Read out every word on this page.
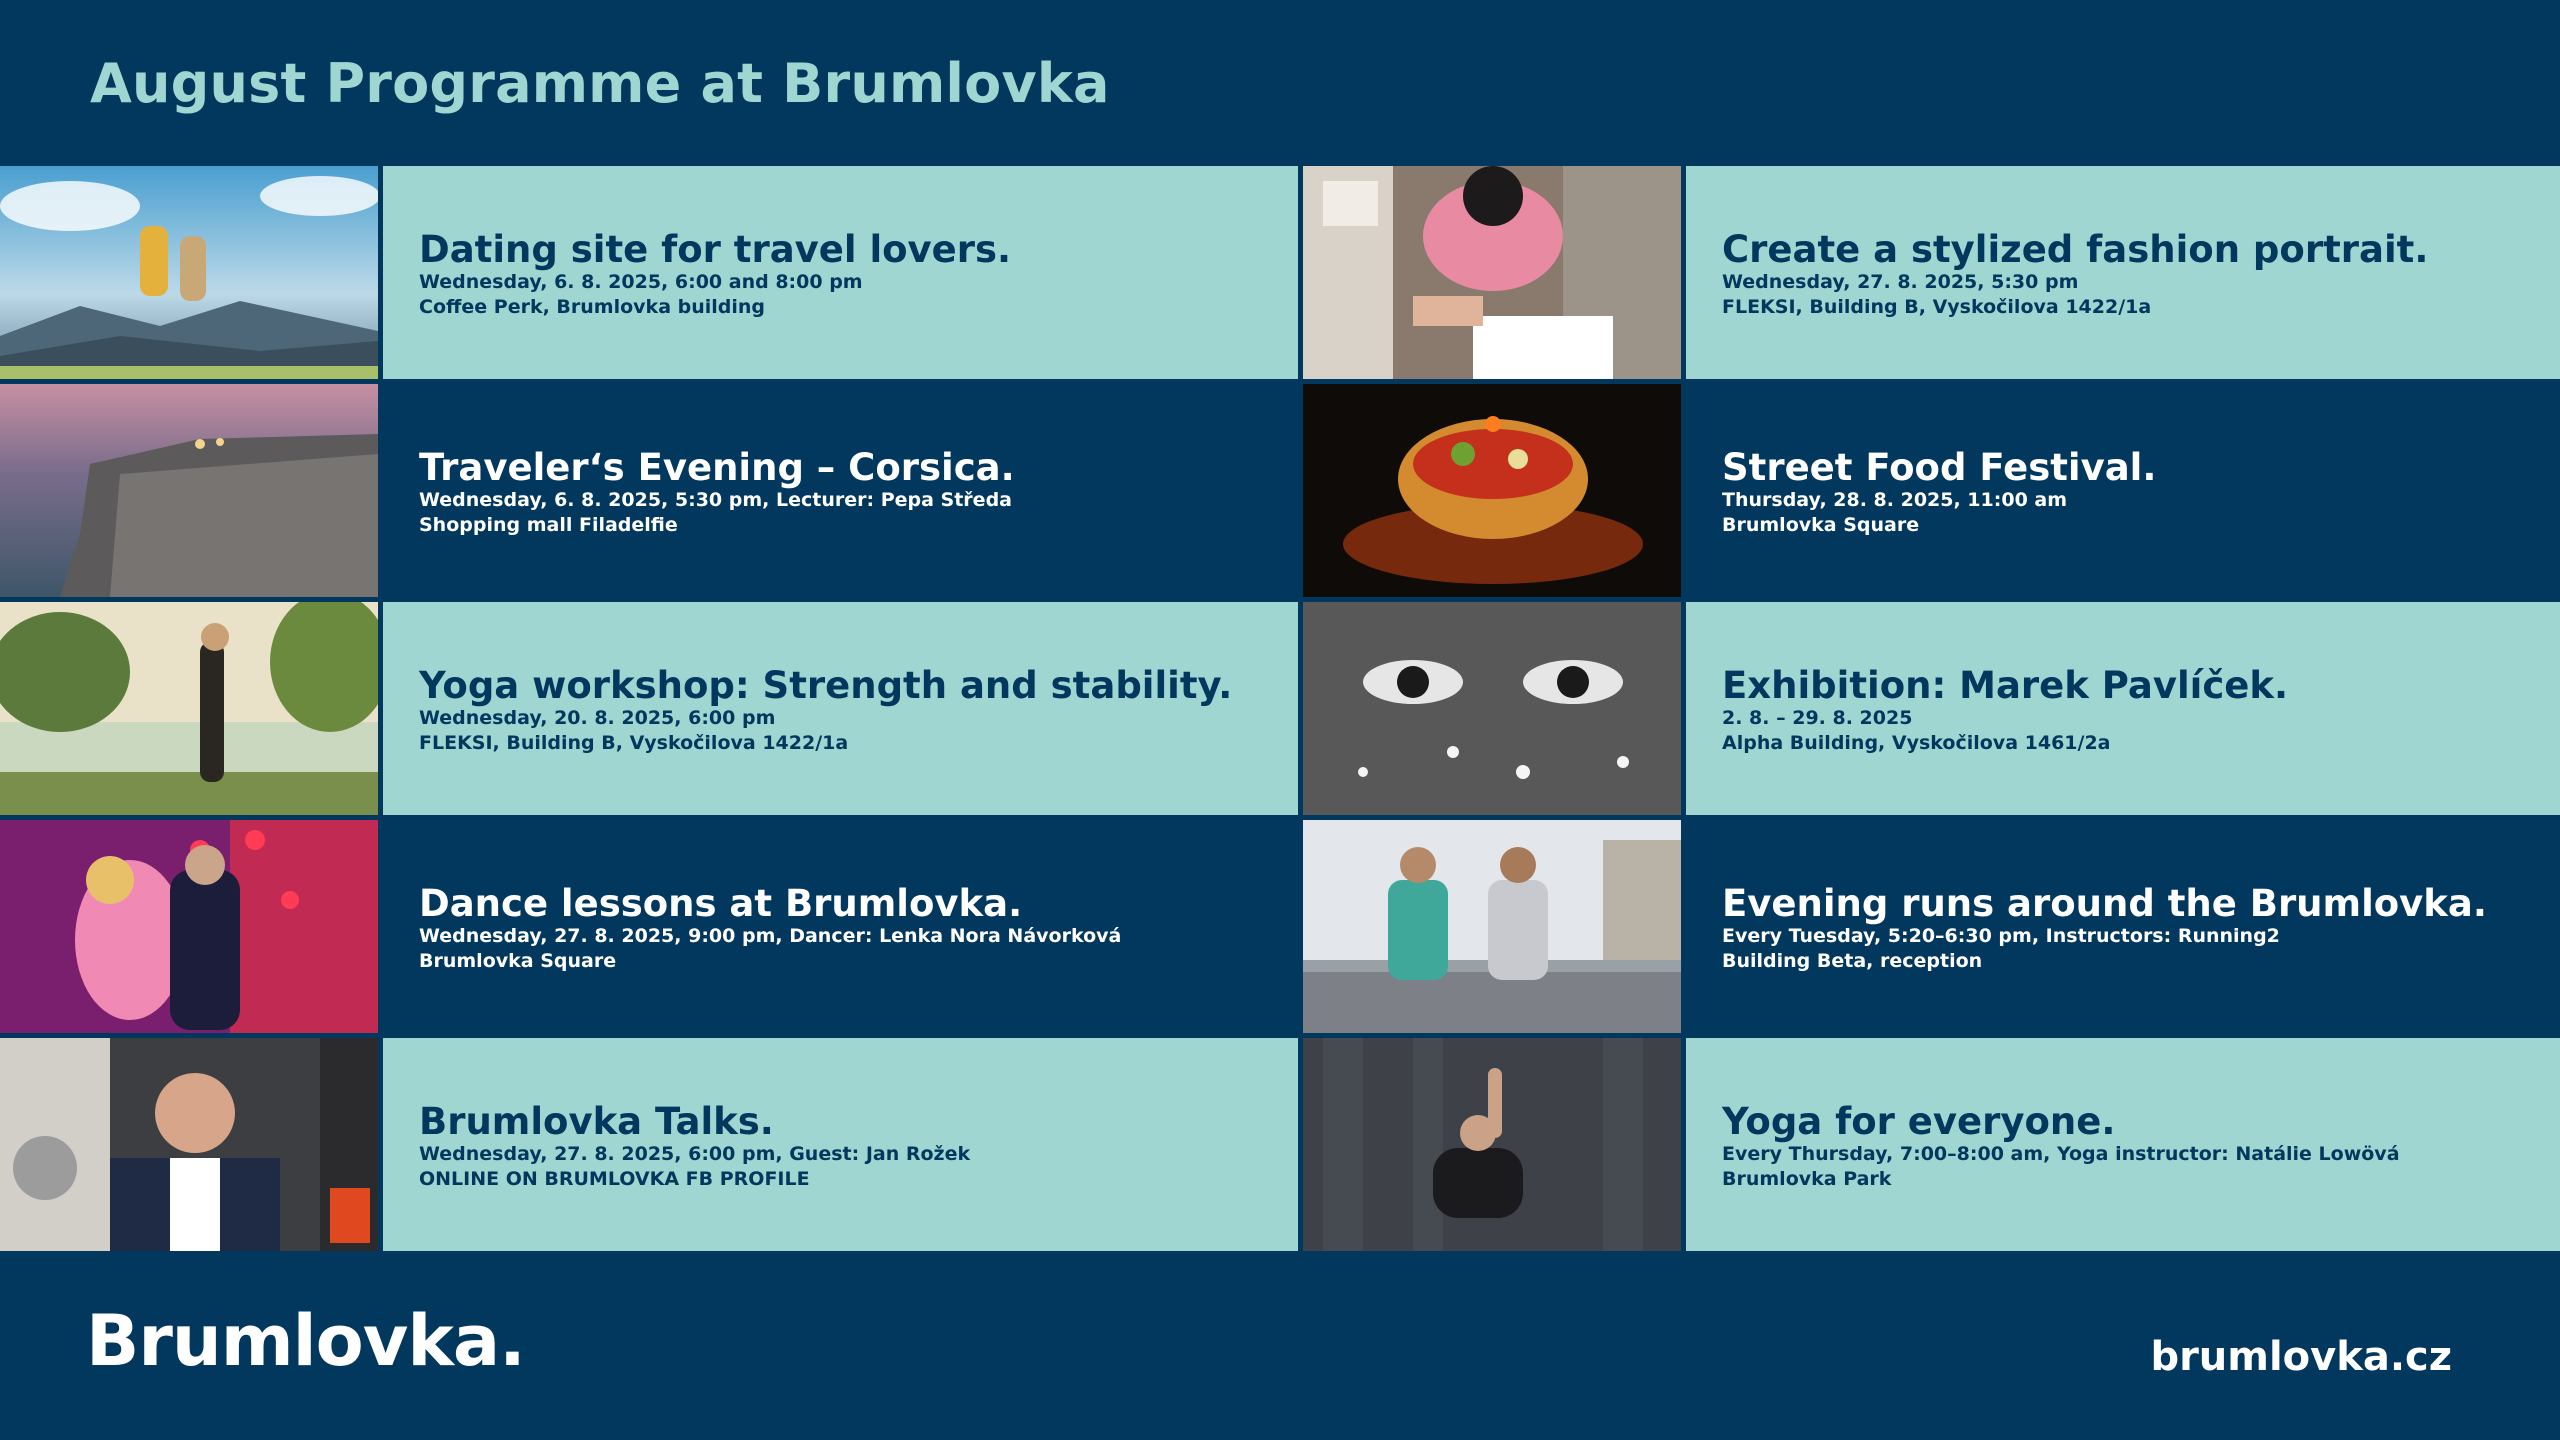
August Programme at Brumlovka
Dating site for travel lovers.
Wednesday, 6. 8. 2025, 6:00 and 8:00 pm
Coffee Perk, Brumlovka building
Create a stylized fashion portrait.
Wednesday, 27. 8. 2025, 5:30 pm
FLEKSI, Building B, Vyskočilova 1422/1a
Traveler‘s Evening – Corsica.
Wednesday, 6. 8. 2025, 5:30 pm, Lecturer: Pepa Středa
Shopping mall Filadelfie
Street Food Festival.
Thursday, 28. 8. 2025, 11:00 am
Brumlovka Square
Yoga workshop: Strength and stability.
Wednesday, 20. 8. 2025, 6:00 pm
FLEKSI, Building B, Vyskočilova 1422/1a
Exhibition: Marek Pavlíček.
2. 8. – 29. 8. 2025
Alpha Building, Vyskočilova 1461/2a
Dance lessons at Brumlovka.
Wednesday, 27. 8. 2025, 9:00 pm, Dancer: Lenka Nora Návorková
Brumlovka Square
Evening runs around the Brumlovka.
Every Tuesday, 5:20–6:30 pm, Instructors: Running2
Building Beta, reception
Brumlovka Talks.
Wednesday, 27. 8. 2025, 6:00 pm, Guest: Jan Rožek
ONLINE ON BRUMLOVKA FB PROFILE
Yoga for everyone.
Every Thursday, 7:00–8:00 am, Yoga instructor: Natálie Lowövá
Brumlovka Park
Brumlovka.	brumlovka.cz
